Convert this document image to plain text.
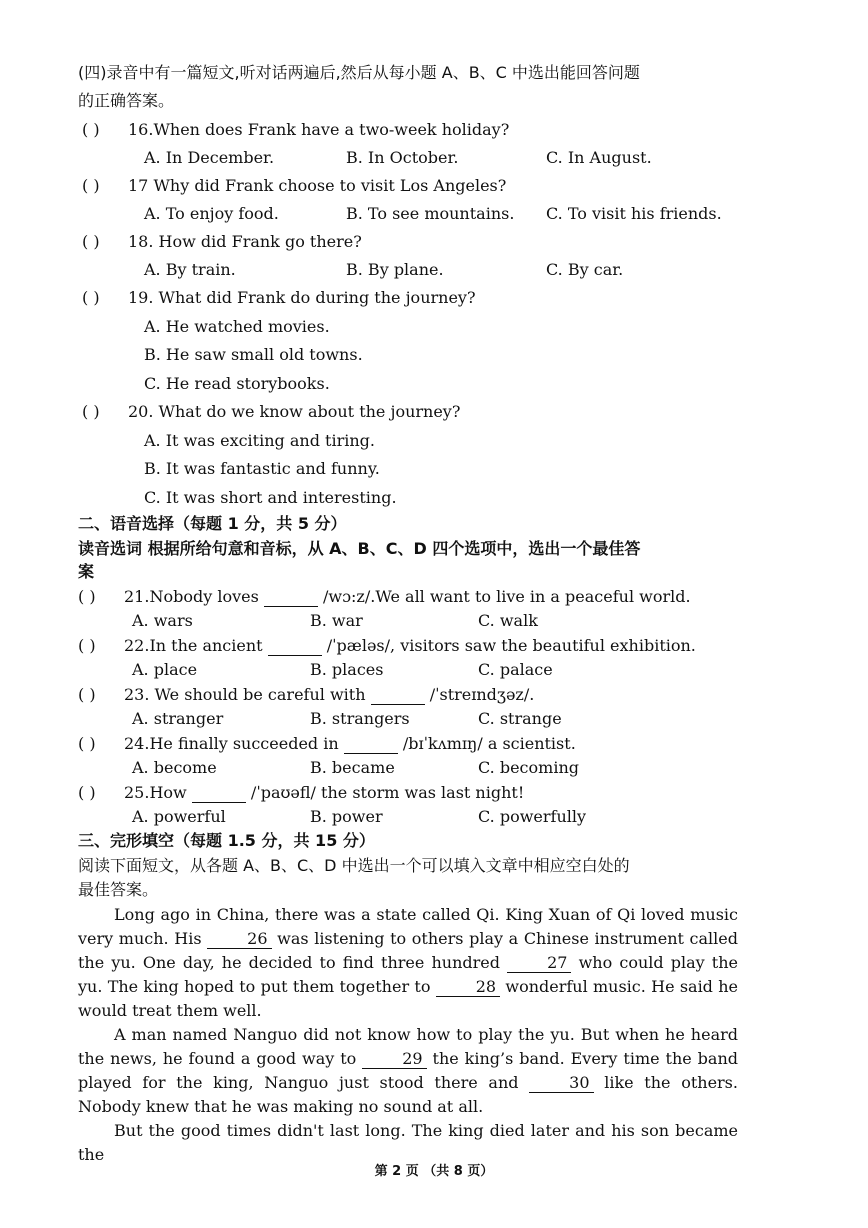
(四)录音中有一篇短文,听对话两遍后,然后从每小题 A、B、C 中选出能回答问题
的正确答案。
( ) 16.When does Frank have a two-week holiday?
A. In December.	B. In October.	C. In August.
( ) 17 Why did Frank choose to visit Los Angeles?
A. To enjoy food.	B. To see mountains. C. To visit his friends.
( ) 18. How did Frank go there?
A. By train.	B. By plane.	C. By car.
( ) 19. What did Frank do during the journey?
A. He watched movies.
B. He saw small old towns.
C. He read storybooks.
( ) 20. What do we know about the journey?
A. It was exciting and tiring.
B. It was fantastic and funny.
C. It was short and interesting.
二、语音选择（每题 1 分，共 5 分）
读音选词 根据所给句意和音标，从 A、B、C、D 四个选项中，选出一个最佳答
案
( ) 21.Nobody loves	/wɔ:z/.We all want to live in a peaceful world.
A. wars	B. war	C. walk
( ) 22.In the ancient	/ˈpæləs/, visitors saw the beautiful exhibition.
A. place	B. places	C. palace
( ) 23. We should be careful with	/ˈstreɪndʒəz/.
A. stranger	B. strangers	C. strange
( ) 24.He finally succeeded in	/bɪˈkʌmɪŋ/ a scientist.
A. become	B. became	C. becoming
( ) 25.How	/ˈpaʊəfl/ the storm was last night!
A. powerful	B. power	C. powerfully
三、完形填空（每题 1.5 分，共 15 分）
阅读下面短文，从各题 A、B、C、D 中选出一个可以填入文章中相应空白处的
最佳答案。
Long ago in China, there was a state called Qi. King Xuan of Qi loved music very much. His	26 was listening to others play a Chinese instrument called the yu. One day, he decided to find three hundred	27 who could play the yu. The king hoped to put them together to	28 wonderful music. He said he would treat them well.
A man named Nanguo did not know how to play the yu. But when he heard the news, he found a good way to	29 the king’s band. Every time the band played for the king, Nanguo just stood there and	30 like the others. Nobody knew that he was making no sound at all.
But the good times didn't last long. The king died later and his son became the
第 2 页 （共 8 页）
